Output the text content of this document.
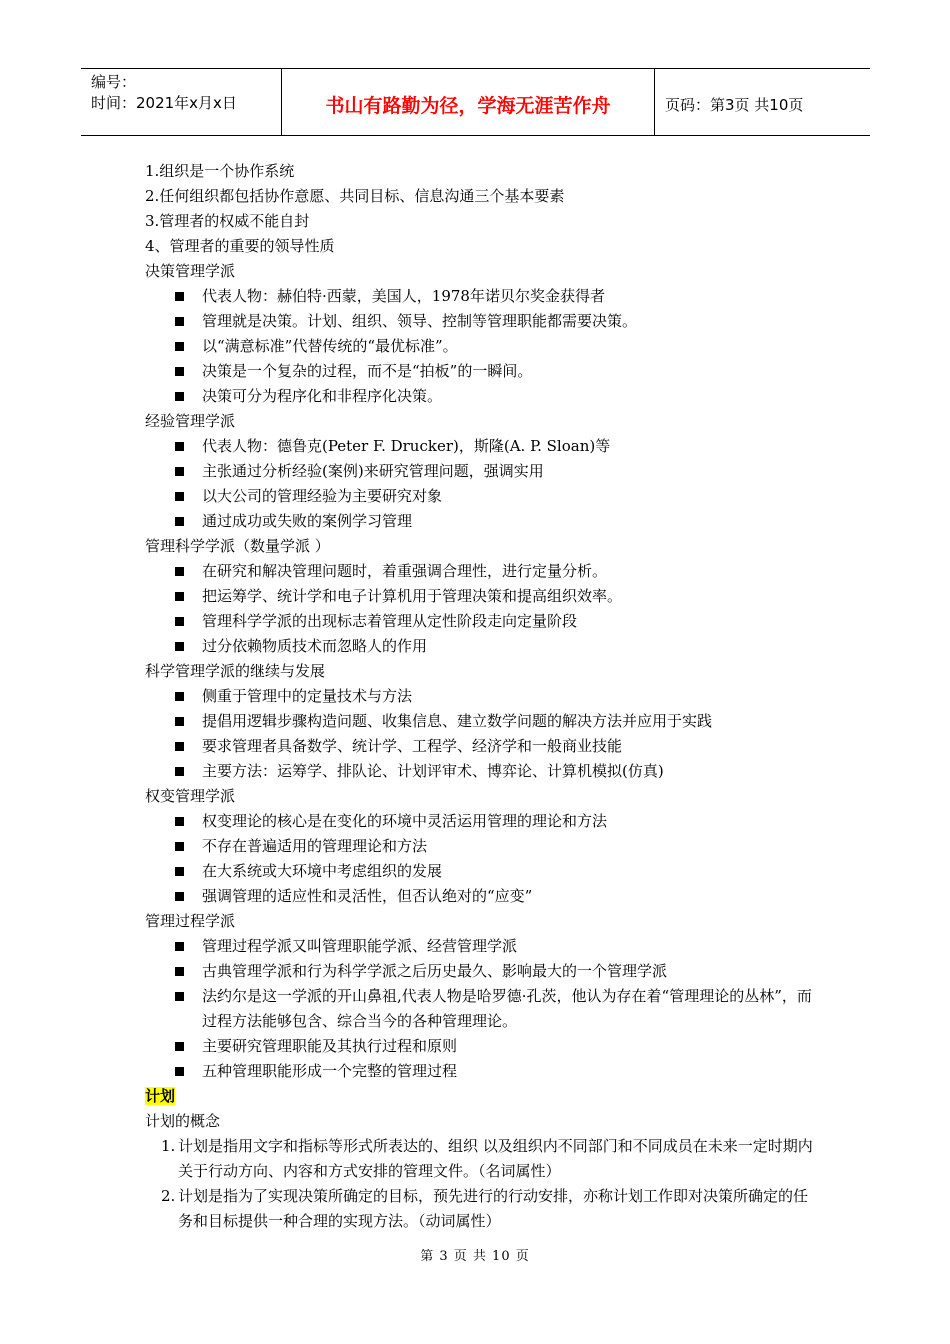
编号：
时间：2021年x月x日	书山有路勤为径，学海无涯苦作舟	页码：第3页 共10页
1.组织是一个协作系统
2.任何组织都包括协作意愿、共同目标、信息沟通三个基本要素
3.管理者的权威不能自封
4、管理者的重要的领导性质
决策管理学派
代表人物：赫伯特·西蒙，美国人，1978年诺贝尔奖金获得者
管理就是决策。计划、组织、领导、控制等管理职能都需要决策。
以“满意标准”代替传统的“最优标准”。
决策是一个复杂的过程，而不是“拍板”的一瞬间。
决策可分为程序化和非程序化决策。
经验管理学派
代表人物：德鲁克(Peter F. Drucker)，斯隆(A. P. Sloan)等
主张通过分析经验(案例)来研究管理问题，强调实用
以大公司的管理经验为主要研究对象
通过成功或失败的案例学习管理
管理科学学派（数量学派 ）
在研究和解决管理问题时，着重强调合理性，进行定量分析。
把运筹学、统计学和电子计算机用于管理决策和提高组织效率。
管理科学学派的出现标志着管理从定性阶段走向定量阶段
过分依赖物质技术而忽略人的作用
科学管理学派的继续与发展
侧重于管理中的定量技术与方法
提倡用逻辑步骤构造问题、收集信息、建立数学问题的解决方法并应用于实践
要求管理者具备数学、统计学、工程学、经济学和一般商业技能
主要方法：运筹学、排队论、计划评审术、博弈论、计算机模拟(仿真)
权变管理学派
权变理论的核心是在变化的环境中灵活运用管理的理论和方法
不存在普遍适用的管理理论和方法
在大系统或大环境中考虑组织的发展
强调管理的适应性和灵活性，但否认绝对的“应变”
管理过程学派
管理过程学派又叫管理职能学派、经营管理学派
古典管理学派和行为科学学派之后历史最久、影响最大的一个管理学派
法约尔是这一学派的开山鼻祖,代表人物是哈罗德·孔茨，他认为存在着“管理理论的丛林”，而过程方法能够包含、综合当今的各种管理理论。
主要研究管理职能及其执行过程和原则
五种管理职能形成一个完整的管理过程
计划
计划的概念
1. 计划是指用文字和指标等形式所表达的、组织 以及组织内不同部门和不同成员在未来一定时期内关于行动方向、内容和方式安排的管理文件。（名词属性）
2. 计划是指为了实现决策所确定的目标，预先进行的行动安排，亦称计划工作即对决策所确定的任务和目标提供一种合理的实现方法。（动词属性）
第 3 页 共 10 页
